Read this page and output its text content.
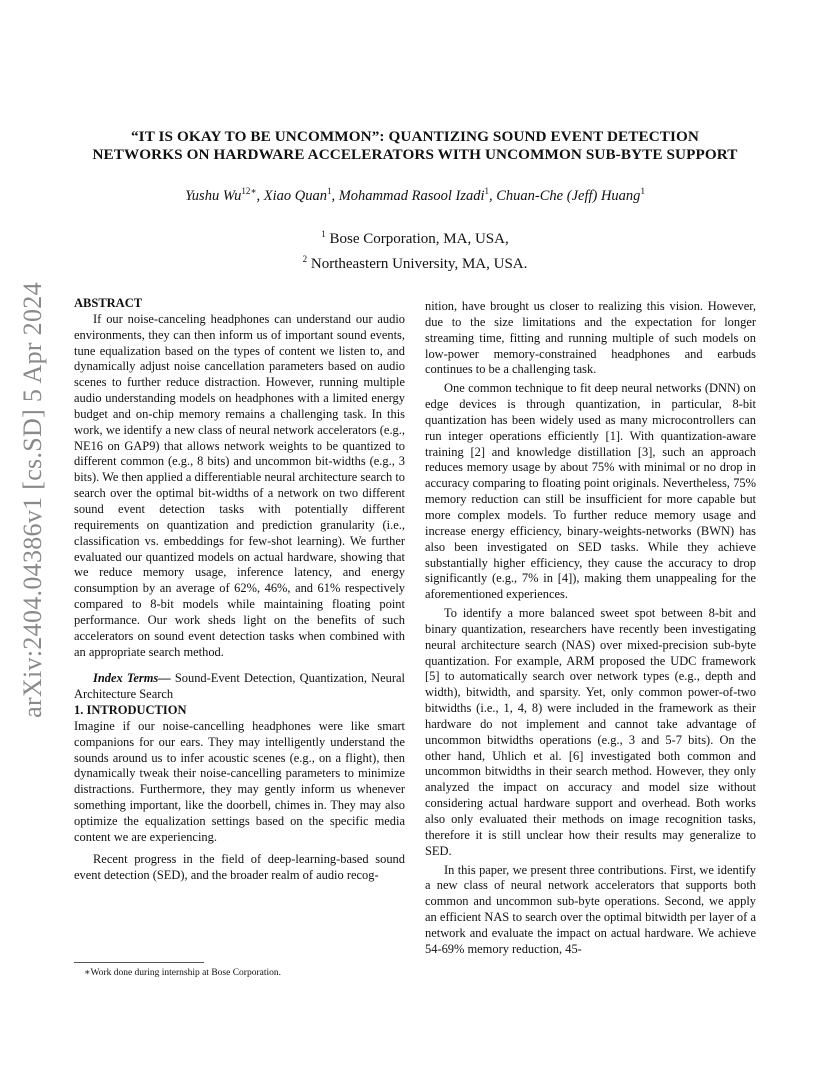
arXiv:2404.04386v1 [cs.SD] 5 Apr 2024
“IT IS OKAY TO BE UNCOMMON”: QUANTIZING SOUND EVENT DETECTION
NETWORKS ON HARDWARE ACCELERATORS WITH UNCOMMON SUB-BYTE SUPPORT
Yushu $Wu^{12∗}$, Xiao Quan$^1$, Mohammad Rasool Izadi$^1$, Chuan-Che (Jeff) Huang$^1$
$^1$ Bose Corporation, MA, USA,
$^2$ Northeastern University, MA, USA.

ABSTRACT

If our noise-canceling headphones can understand our audio environments, they can then inform us of important sound events, tune equalization based on the types of content we listen to, and dynamically adjust noise cancellation parameters based on audio scenes to further reduce distraction. However, running multiple audio understanding models on headphones with a limited energy budget and on-chip memory remains a challenging task. In this work, we identify a new class of neural network accelerators (e.g., NE16 on GAP9) that allows network weights to be quantized to different common (e.g., 8 bits) and uncommon bit-widths (e.g., 3 bits). We then applied a differentiable neural architecture search to search over the optimal bit-widths of a network on two different sound event detection tasks with potentially different requirements on quantization and prediction granularity (i.e., classification vs. embeddings for few-shot learning). We further evaluated our quantized models on actual hardware, showing that we reduce memory usage, inference latency, and energy consumption by an average of 62%, 46%, and 61% respectively compared to 8-bit models while maintaining floating point performance. Our work sheds light on the benefits of such accelerators on sound event detection tasks when combined with an appropriate search method.

Index Terms— Sound-Event Detection, Quantization, Neural Architecture Search

1. INTRODUCTION

Imagine if our noise-cancelling headphones were like smart companions for our ears. They may intelligently understand the sounds around us to infer acoustic scenes (e.g., on a flight), then dynamically tweak their noise-cancelling parameters to minimize distractions. Furthermore, they may gently inform us whenever something important, like the doorbell, chimes in. They may also optimize the equalization settings based on the specific media content we are experiencing.

Recent progress in the field of deep-learning-based sound event detection (SED), and the broader realm of audio recog-

nition, have brought us closer to realizing this vision. However, due to the size limitations and the expectation for longer streaming time, fitting and running multiple of such models on low-power memory-constrained headphones and earbuds continues to be a challenging task.

One common technique to fit deep neural networks (DNN) on edge devices is through quantization, in particular, 8-bit quantization has been widely used as many microcontrollers can run integer operations efficiently [1]. With quantization-aware training [2] and knowledge distillation [3], such an approach reduces memory usage by about 75% with minimal or no drop in accuracy comparing to floating point originals. Nevertheless, 75% memory reduction can still be insufficient for more capable but more complex models. To further reduce memory usage and increase energy efficiency, binary-weights-networks (BWN) has also been investigated on SED tasks. While they achieve substantially higher efficiency, they cause the accuracy to drop significantly (e.g., 7% in [4]), making them unappealing for the aforementioned experiences.

To identify a more balanced sweet spot between 8-bit and binary quantization, researchers have recently been investigating neural architecture search (NAS) over mixed-precision sub-byte quantization. For example, ARM proposed the UDC framework [5] to automatically search over network types (e.g., depth and width), bitwidth, and sparsity. Yet, only common power-of-two bitwidths (i.e., 1, 4, 8) were included in the framework as their hardware do not implement and cannot take advantage of uncommon bitwidths operations (e.g., 3 and 5-7 bits). On the other hand, Uhlich et al. [6] investigated both common and uncommon bitwidths in their search method. However, they only analyzed the impact on accuracy and model size without considering actual hardware support and overhead. Both works also only evaluated their methods on image recognition tasks, therefore it is still unclear how their results may generalize to SED.

In this paper, we present three contributions. First, we identify a new class of neural network accelerators that supports both common and uncommon sub-byte operations. Second, we apply an efficient NAS to search over the optimal bitwidth per layer of a network and evaluate the impact on actual hardware. We achieve 54-69% memory reduction, 45-

∗Work done during internship at Bose Corporation.
